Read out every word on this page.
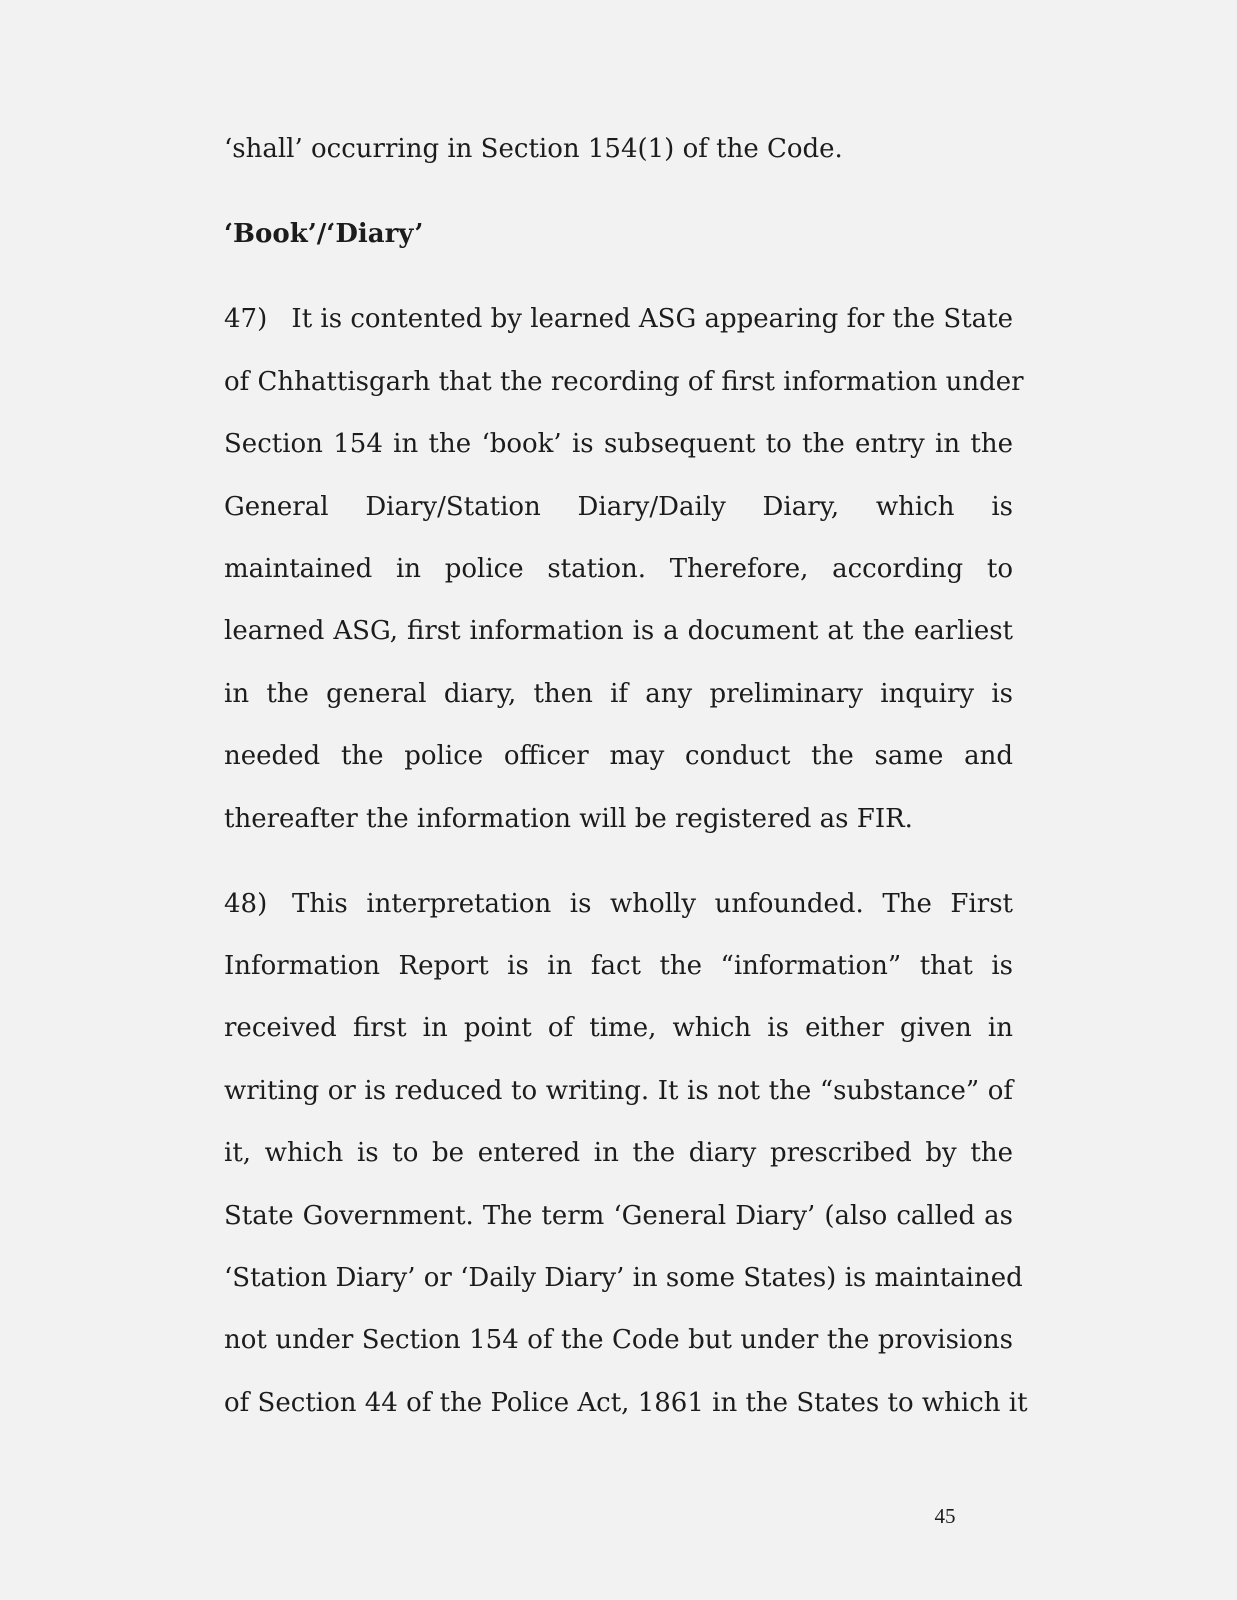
‘shall’ occurring in Section 154(1) of the Code.
‘Book’/‘Diary’
47) It is contented by learned ASG appearing for the State
of Chhattisgarh that the recording of first information under
Section 154 in the ‘book’ is subsequent to the entry in the
General Diary/Station Diary/Daily Diary, which is
maintained in police station. Therefore, according to
learned ASG, first information is a document at the earliest
in the general diary, then if any preliminary inquiry is
needed the police officer may conduct the same and
thereafter the information will be registered as FIR.
48) This interpretation is wholly unfounded. The First
Information Report is in fact the “information” that is
received first in point of time, which is either given in
writing or is reduced to writing. It is not the “substance” of
it, which is to be entered in the diary prescribed by the
State Government. The term ‘General Diary’ (also called as
‘Station Diary’ or ‘Daily Diary’ in some States) is maintained
not under Section 154 of the Code but under the provisions
of Section 44 of the Police Act, 1861 in the States to which it
45
